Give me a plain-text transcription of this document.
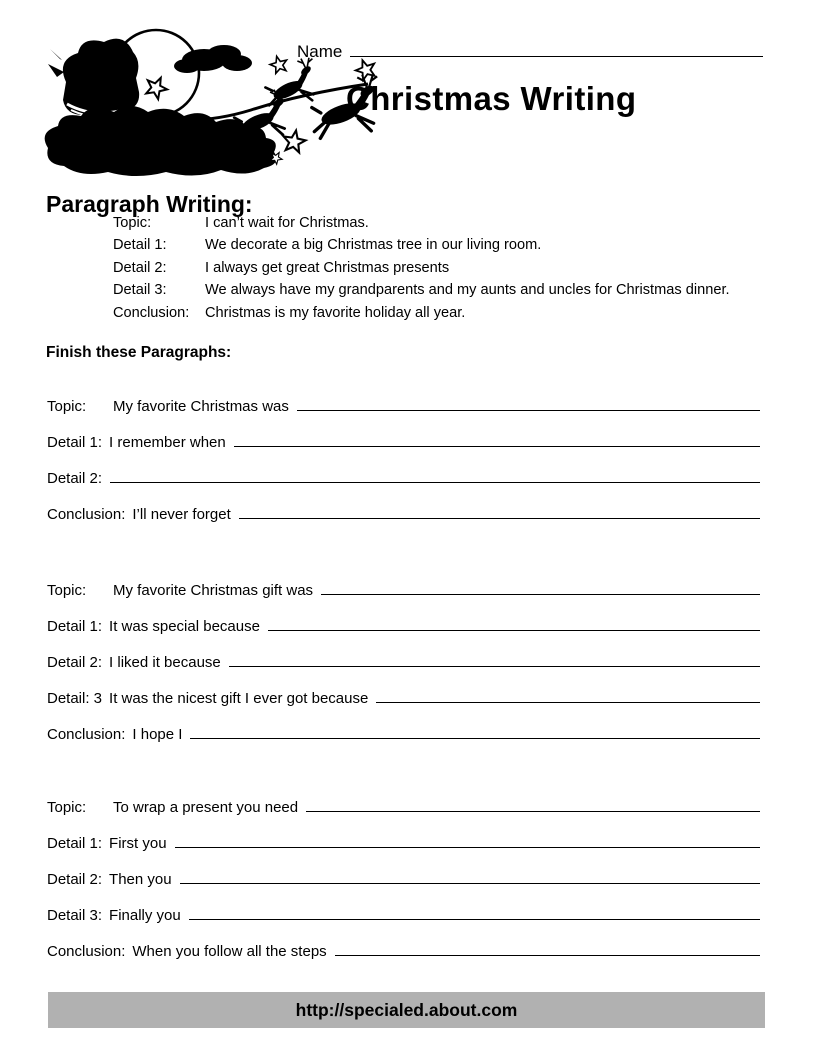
Name
Christmas Writing
Paragraph Writing:
Topic:	I can’t wait for Christmas.
Detail 1:	We decorate a big Christmas tree in our living room.
Detail 2:	I always get great Christmas presents
Detail 3:	We always have my grandparents and my aunts and uncles for Christmas dinner.
Conclusion: Christmas is my favorite holiday all year.
Finish these Paragraphs:
Topic:	My favorite Christmas was
Detail 1: I remember when
Detail 2:
Conclusion: I’ll never forget
Topic:	My favorite Christmas gift was
Detail 1: It was special because
Detail 2: I liked it because
Detail: 3 It was the nicest gift I ever got because
Conclusion: I hope I
Topic:	To wrap a present you need
Detail 1: First you
Detail 2: Then you
Detail 3: Finally you
Conclusion: When you follow all the steps
http://specialed.about.com
